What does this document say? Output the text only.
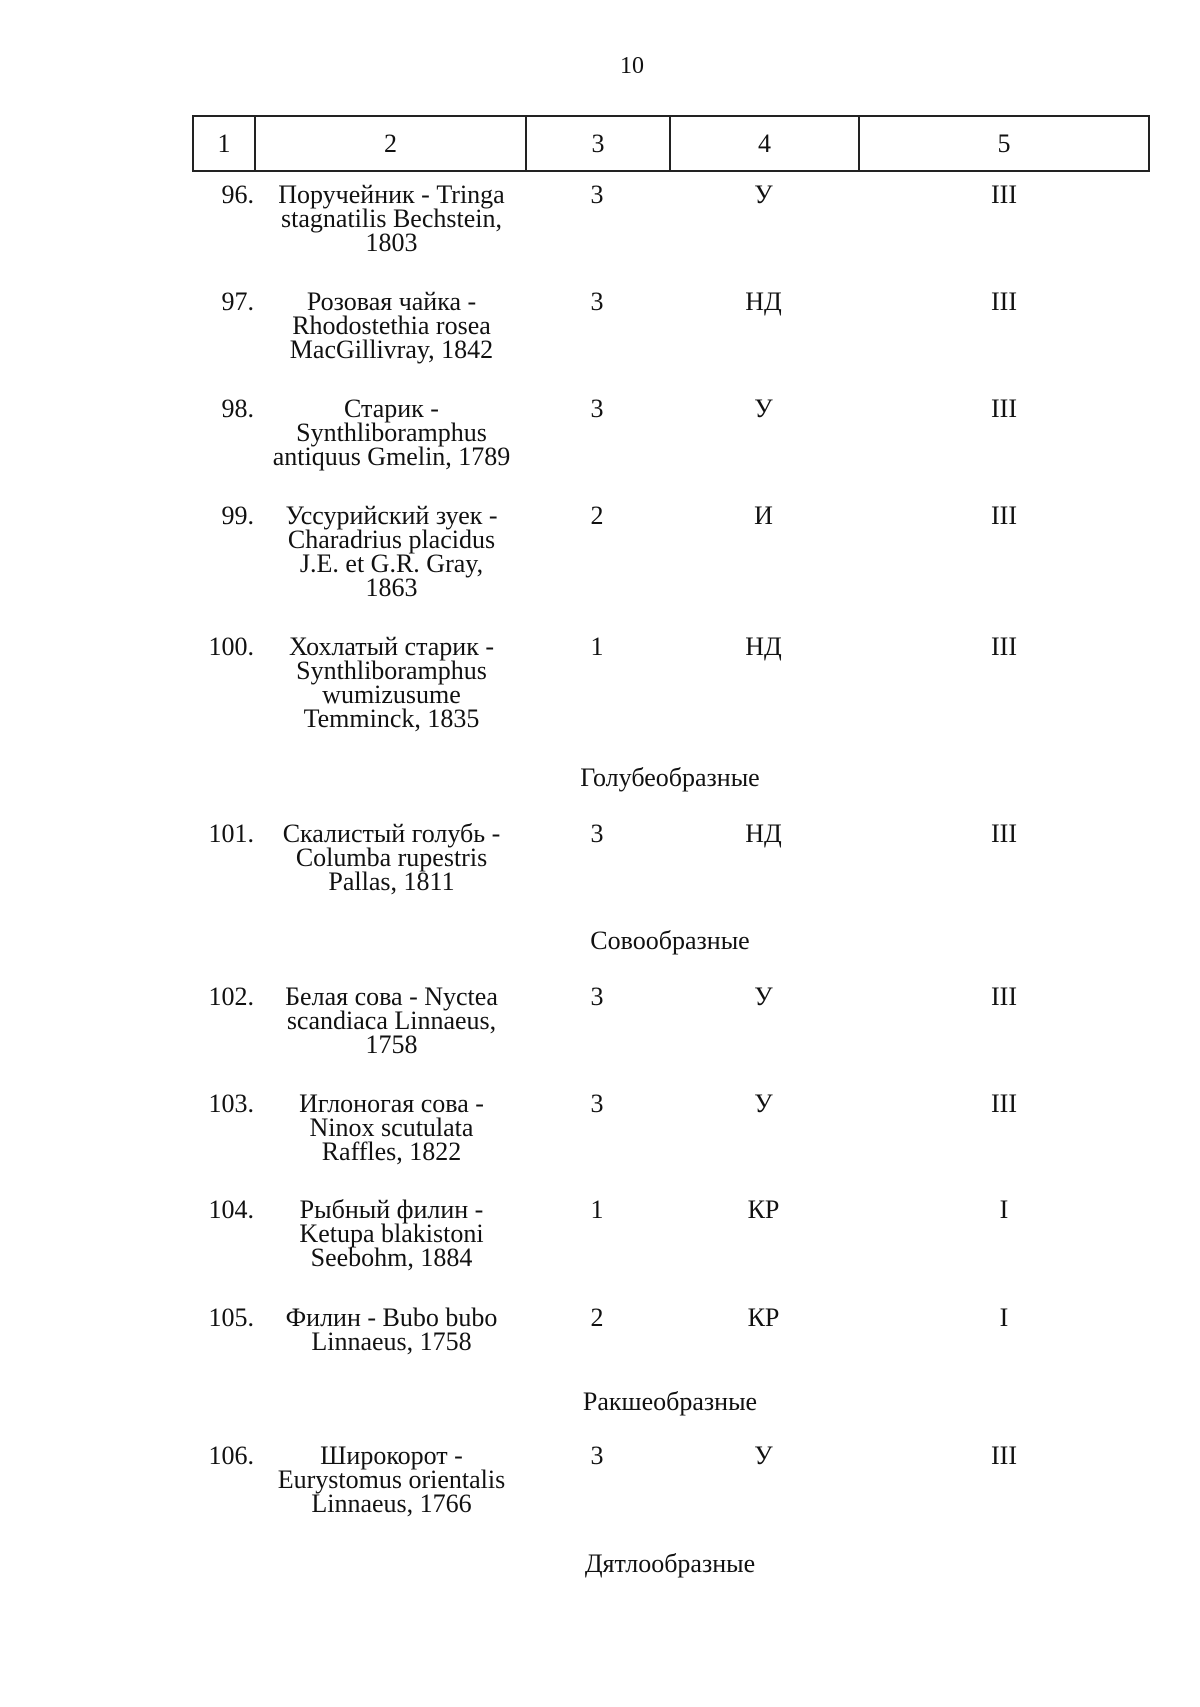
10
1	2	3	4	5
96. Поручейник - Tringa
stagnatilis Bechstein,
1803
3	У	III
97.	Розовая чайка -
Rhodostethia rosea
MacGillivray, 1842
3	НД	III
98.	Старик -
Synthliboramphus
antiquus Gmelin, 1789
3	У	III
99.	Уссурийский зуек -
Charadrius placidus
J.E. et G.R. Gray,
1863
2	И	III
100.	Хохлатый старик -
Synthliboramphus
wumizusume
Temminck, 1835
1	НД	III
Голубеобразные
101.	Скалистый голубь -
Columba rupestris
Pallas, 1811
3	НД	III
Совообразные
102.	Белая сова - Nyctea
scandiaca Linnaeus,
1758
3	У	III
103.	Иглоногая сова -
Ninox scutulata
Raffles, 1822
3	У	III
104.	Рыбный филин -
Ketupa blakistoni
Seebohm, 1884
1	КР	I
105.	Филин - Bubo bubo
Linnaeus, 1758
2	КР	I
Ракшеобразные
106.	Широкорот -
Eurystomus orientalis
Linnaeus, 1766
3	У	III
Дятлообразные
